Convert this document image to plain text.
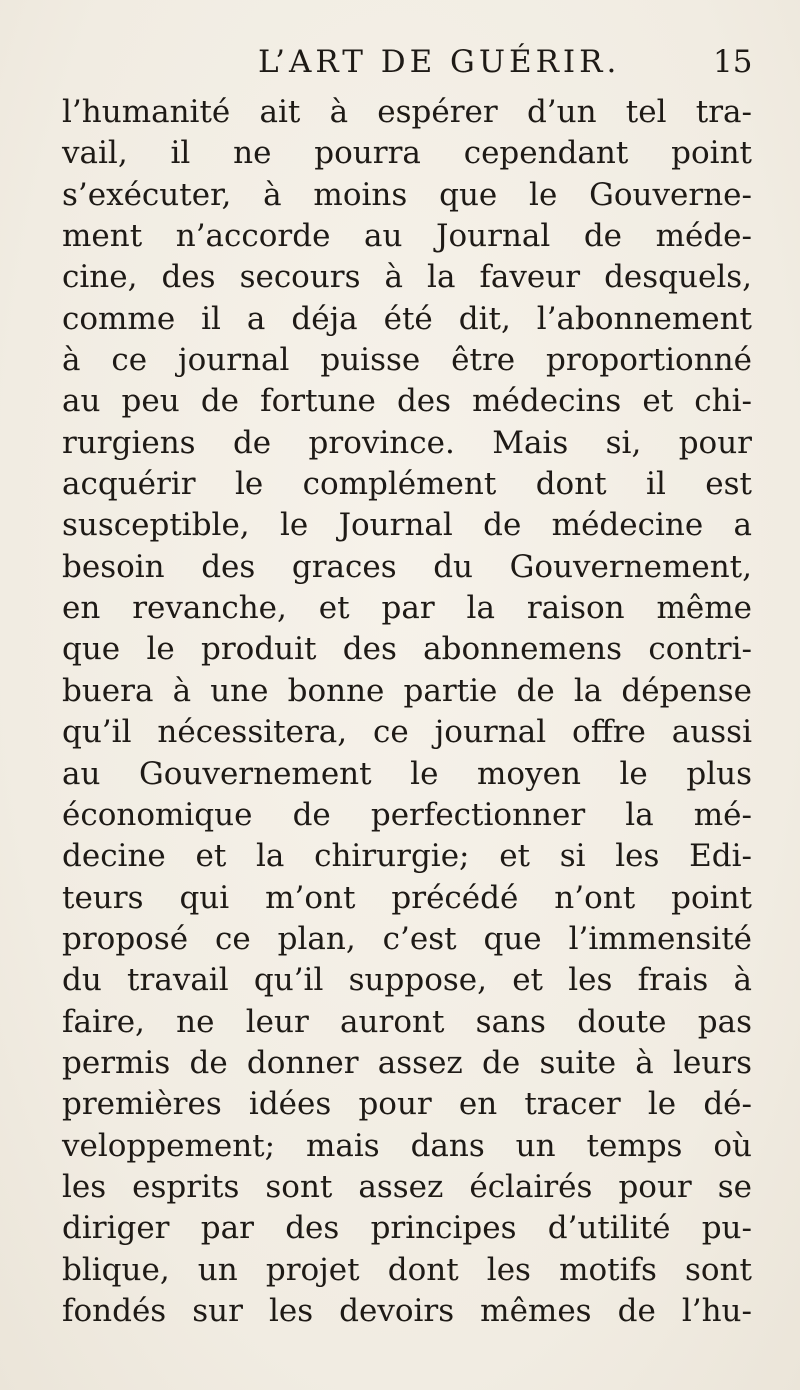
L’ART DE GUÉRIR.	15
l’humanité ait à espérer d’un tel tra-
vail, il ne pourra cependant point
s’exécuter, à moins que le Gouverne-
ment n’accorde au Journal de méde-
cine, des secours à la faveur desquels,
comme il a déja été dit, l’abonnement
à ce journal puisse être proportionné
au peu de fortune des médecins et chi-
rurgiens de province. Mais si, pour
acquérir le complément dont il est
susceptible, le Journal de médecine a
besoin des graces du Gouvernement,
en revanche, et par la raison même
que le produit des abonnemens contri-
buera à une bonne partie de la dépense
qu’il nécessitera, ce journal offre aussi
au Gouvernement le moyen le plus
économique de perfectionner la mé-
decine et la chirurgie; et si les Edi-
teurs qui m’ont précédé n’ont point
proposé ce plan, c’est que l’immensité
du travail qu’il suppose, et les frais à
faire, ne leur auront sans doute pas
permis de donner assez de suite à leurs
premières idées pour en tracer le dé-
veloppement; mais dans un temps où
les esprits sont assez éclairés pour se
diriger par des principes d’utilité pu-
blique, un projet dont les motifs sont
fondés sur les devoirs mêmes de l’hu-
